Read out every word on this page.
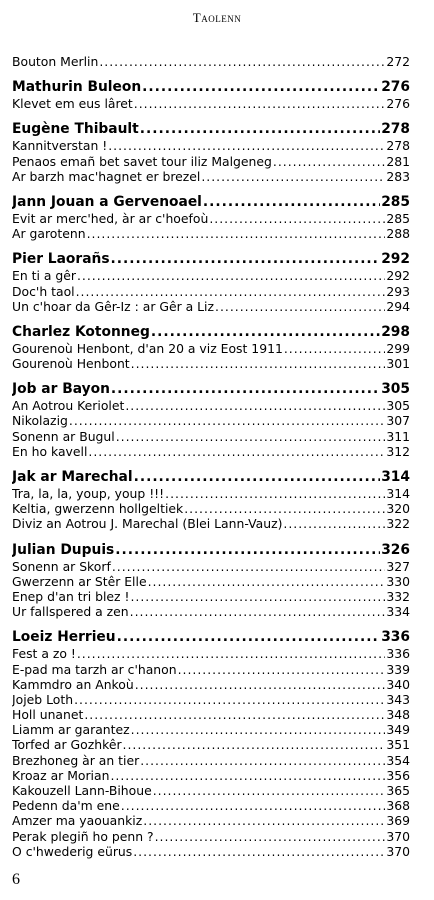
Taolenn
Bouton Merlin .....	272
Mathurin Buleon .....	276
Klevet em eus lâret .....	276
Eugène Thibault .....	278
Kannitverstan ! .....	278
Penaos emañ bet savet tour iliz Malgeneg .....	281
Ar barzh mac'hagnet er brezel .....	283
Jann Jouan a Gervenoael .....	285
Evit ar merc'hed, àr ar c'hoefoù .....	285
Ar garotenn .....	288
Pier Laorañs .....	292
En ti a gêr .....	292
Doc'h taol .....	293
Un c'hoar da Gêr-Iz : ar Gêr a Liz .....	294
Charlez Kotonneg .....	298
Gourenoù Henbont, d'an 20 a viz Eost 1911 .....	299
Gourenoù Henbont .....	301
Job ar Bayon .....	305
An Aotrou Keriolet .....	305
Nikolazig .....	307
Sonenn ar Bugul .....	311
En ho kavell .....	312
Jak ar Marechal .....	314
Tra, la, la, youp, youp !!! .....	314
Keltia, gwerzenn hollgeltiek .....	320
Diviz an Aotrou J. Marechal (Blei Lann-Vauz) .....	322
Julian Dupuis .....	326
Sonenn ar Skorf .....	327
Gwerzenn ar Stêr Elle .....	330
Enep d'an tri blez ! .....	332
Ur fallspered a zen .....	334
Loeiz Herrieu .....	336
Fest a zo ! .....	336
E-pad ma tarzh ar c'hanon .....	339
Kammdro an Ankoù .....	340
Jojeb Loth .....	343
Holl unanet .....	348
Liamm ar garantez .....	349
Torfed ar Gozhkêr .....	351
Brezhoneg àr an tier .....	354
Kroaz ar Morian .....	356
Kakouzell Lann-Bihoue .....	365
Pedenn da'm ene .....	368
Amzer ma yaouankiz .....	369
Perak plegiñ ho penn ? .....	370
O c'hwederig eürus .....	370
6
